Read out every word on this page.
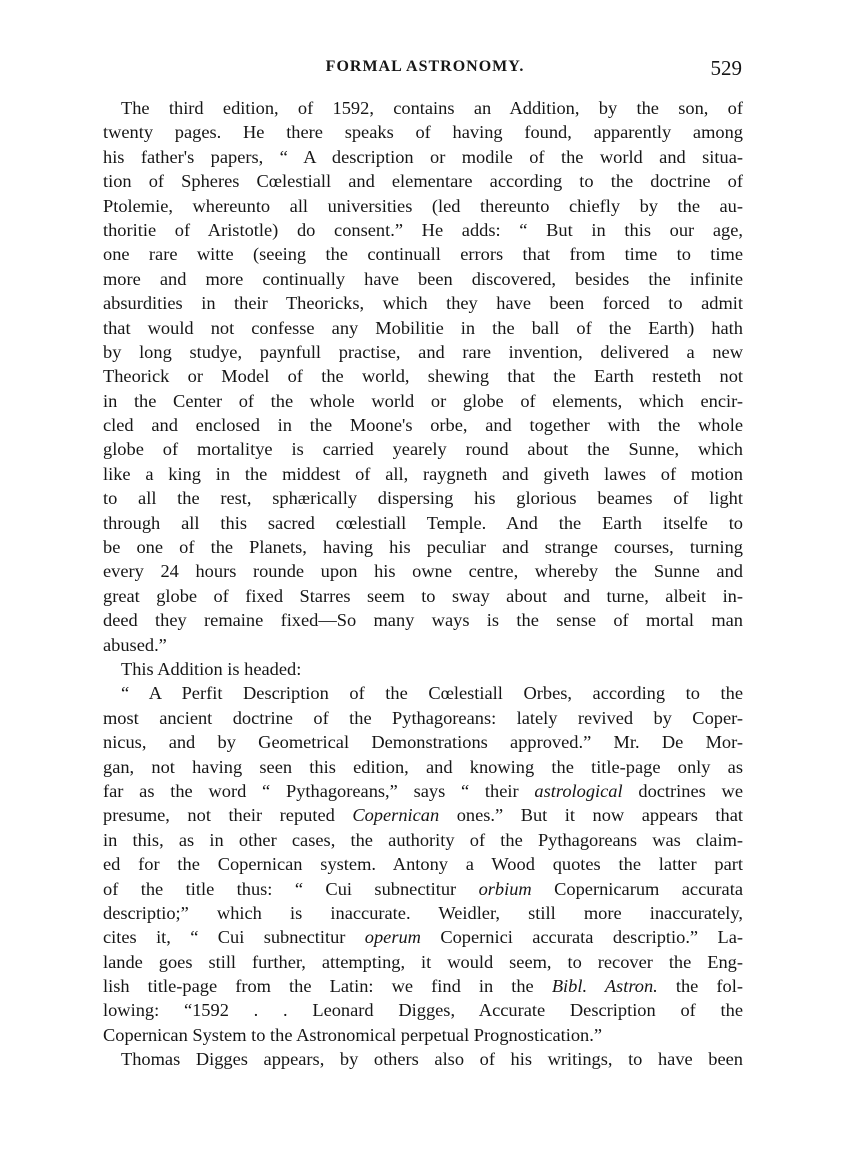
FORMAL ASTRONOMY.	529
The third edition, of 1592, contains an Addition, by the son, of
twenty pages. He there speaks of having found, apparently among
his father's papers, “ A description or modile of the world and situa-
tion of Spheres Cœlestiall and elementare according to the doctrine of
Ptolemie, whereunto all universities (led thereunto chiefly by the au-
thoritie of Aristotle) do consent.” He adds: “ But in this our age,
one rare witte (seeing the continuall errors that from time to time
more and more continually have been discovered, besides the infinite
absurdities in their Theoricks, which they have been forced to admit
that would not confesse any Mobilitie in the ball of the Earth) hath
by long studye, paynfull practise, and rare invention, delivered a new
Theorick or Model of the world, shewing that the Earth resteth not
in the Center of the whole world or globe of elements, which encir-
cled and enclosed in the Moone's orbe, and together with the whole
globe of mortalitye is carried yearely round about the Sunne, which
like a king in the middest of all, raygneth and giveth lawes of motion
to all the rest, sphærically dispersing his glorious beames of light
through all this sacred cœlestiall Temple. And the Earth itselfe to
be one of the Planets, having his peculiar and strange courses, turning
every 24 hours rounde upon his owne centre, whereby the Sunne and
great globe of fixed Starres seem to sway about and turne, albeit in-
deed they remaine fixed—So many ways is the sense of mortal man
abused.”
This Addition is headed:
“ A Perfit Description of the Cœlestiall Orbes, according to the
most ancient doctrine of the Pythagoreans: lately revived by Coper-
nicus, and by Geometrical Demonstrations approved.” Mr. De Mor-
gan, not having seen this edition, and knowing the title-page only as
far as the word “ Pythagoreans,” says “ their astrological doctrines we
presume, not their reputed Copernican ones.” But it now appears that
in this, as in other cases, the authority of the Pythagoreans was claim-
ed for the Copernican system. Antony a Wood quotes the latter part
of the title thus: “ Cui subnectitur orbium Copernicarum accurata
descriptio;” which is inaccurate. Weidler, still more inaccurately,
cites it, “ Cui subnectitur operum Copernici accurata descriptio.” La-
lande goes still further, attempting, it would seem, to recover the Eng-
lish title-page from the Latin: we find in the Bibl. Astron. the fol-
lowing: “1592 . . Leonard Digges, Accurate Description of the
Copernican System to the Astronomical perpetual Prognostication.”
Thomas Digges appears, by others also of his writings, to have been
